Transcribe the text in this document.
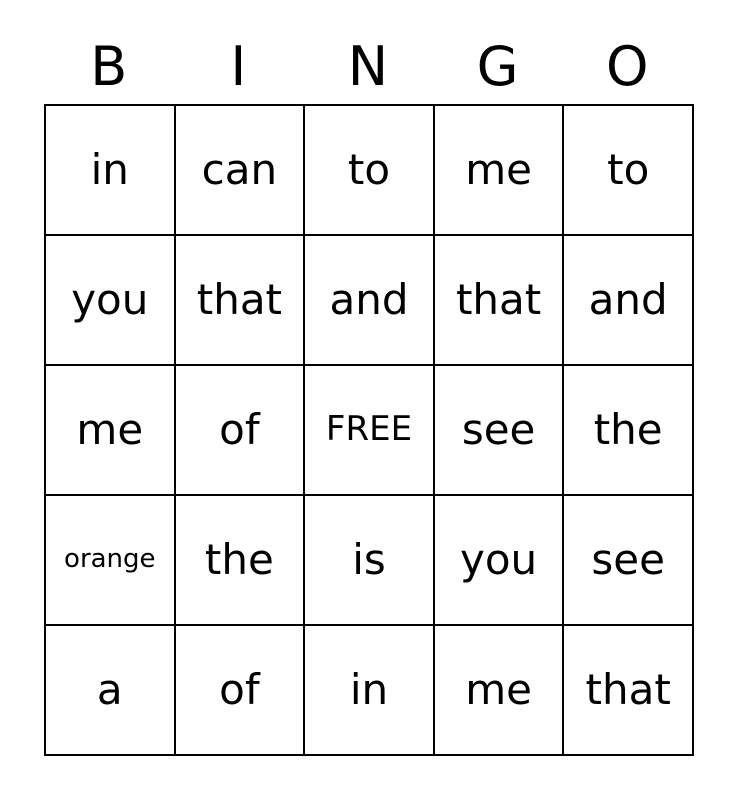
B I N G O
in can to me to
you that and that and
me of FREE see the
orange the is you see
a of in me that
